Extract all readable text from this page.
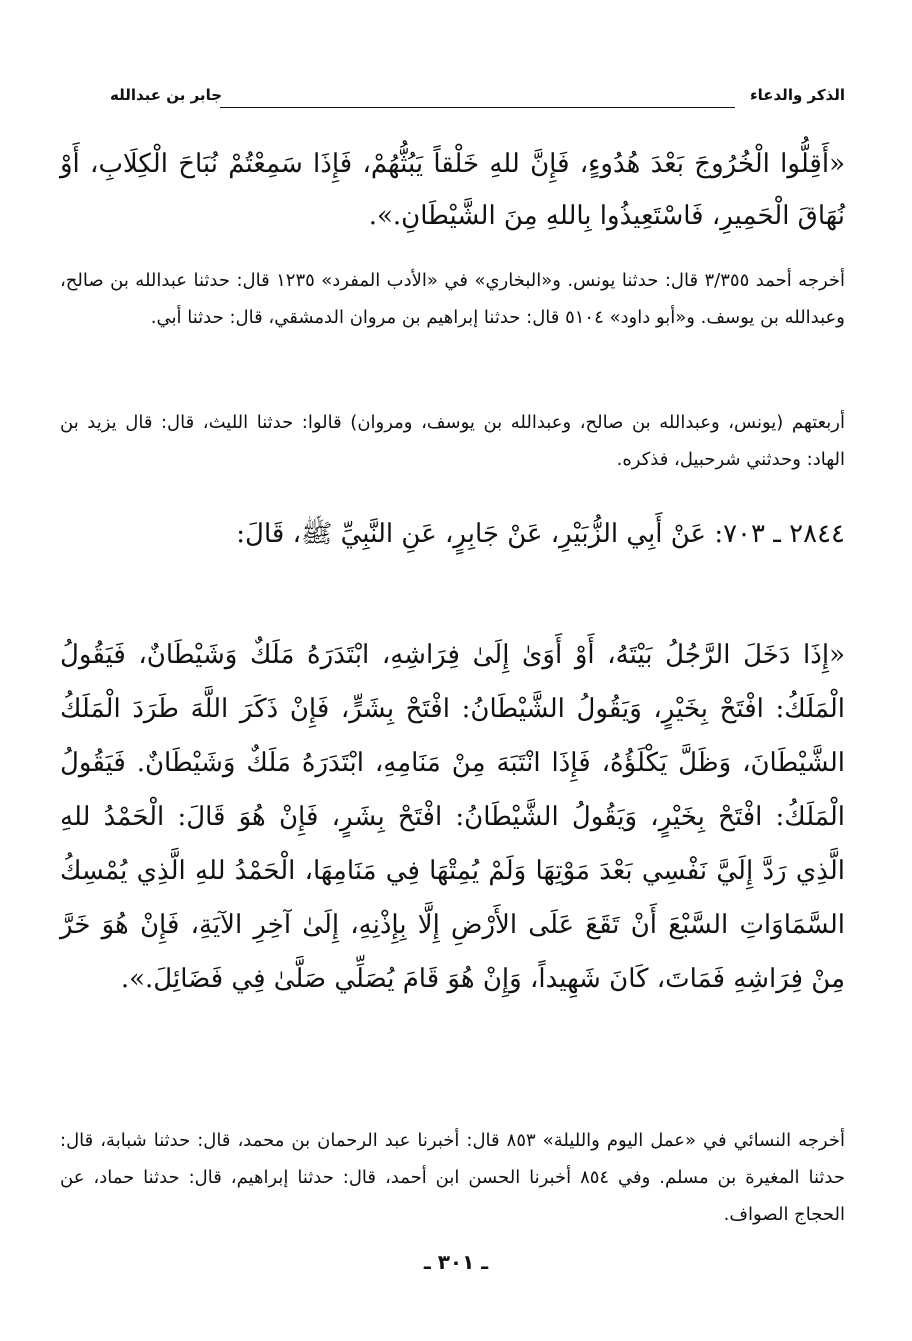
الذكر والدعاء
جابر بن عبدالله
«أَقِلُّوا الْخُرُوجَ بَعْدَ هُدُوءٍ، فَإِنَّ للهِ خَلْقاً يَبُثُّهُمْ، فَإِذَا سَمِعْتُمْ نُبَاحَ الْكِلَابِ، أَوْ نُهَاقَ الْحَمِيرِ، فَاسْتَعِيذُوا بِاللهِ مِنَ الشَّيْطَانِ.».
أخرجه أحمد ٣/٣٥٥ قال: حدثنا يونس. و«البخاري» في «الأدب المفرد» ١٢٣٥ قال: حدثنا عبدالله بن صالح، وعبدالله بن يوسف. و«أبو داود» ٥١٠٤ قال: حدثنا إبراهيم بن مروان الدمشقي، قال: حدثنا أبي.
أربعتهم (يونس، وعبدالله بن صالح، وعبدالله بن يوسف، ومروان) قالوا: حدثنا الليث، قال: قال يزيد بن الهاد: وحدثني شرحبيل، فذكره.
٢٨٤٤ ـ ٧٠٣: عَنْ أَبِي الزُّبَيْرِ، عَنْ جَابِرٍ، عَنِ النَّبِيِّ ﷺ، قَالَ:
«إِذَا دَخَلَ الرَّجُلُ بَيْتَهُ، أَوْ أَوَىٰ إِلَىٰ فِرَاشِهِ، ابْتَدَرَهُ مَلَكٌ وَشَيْطَانٌ، فَيَقُولُ الْمَلَكُ: افْتَحْ بِخَيْرٍ، وَيَقُولُ الشَّيْطَانُ: افْتَحْ بِشَرٍّ، فَإِنْ ذَكَرَ اللَّهَ طَرَدَ الْمَلَكُ الشَّيْطَانَ، وَظَلَّ يَكْلَؤُهُ، فَإِذَا انْتَبَهَ مِنْ مَنَامِهِ، ابْتَدَرَهُ مَلَكٌ وَشَيْطَانٌ. فَيَقُولُ الْمَلَكُ: افْتَحْ بِخَيْرٍ، وَيَقُولُ الشَّيْطَانُ: افْتَحْ بِشَرٍ، فَإِنْ هُوَ قَالَ: الْحَمْدُ للهِ الَّذِي رَدَّ إِلَيَّ نَفْسِي بَعْدَ مَوْتِهَا وَلَمْ يُمِتْهَا فِي مَنَامِهَا، الْحَمْدُ للهِ الَّذِي يُمْسِكُ السَّمَاوَاتِ السَّبْعَ أَنْ تَقَعَ عَلَى الأَرْضِ إِلَّا بِإِذْنِهِ، إِلَىٰ آخِرِ الآيَةِ، فَإِنْ هُوَ خَرَّ مِنْ فِرَاشِهِ فَمَاتَ، كَانَ شَهِيداً، وَإِنْ هُوَ قَامَ يُصَلِّي صَلَّىٰ فِي فَضَائِلَ.».
أخرجه النسائي في «عمل اليوم والليلة» ٨٥٣ قال: أخبرنا عبد الرحمان بن محمد، قال: حدثنا شبابة، قال: حدثنا المغيرة بن مسلم. وفي ٨٥٤ أخبرنا الحسن ابن أحمد، قال: حدثنا إبراهيم، قال: حدثنا حماد، عن الحجاج الصواف.
ـ ٣٠١ ـ
